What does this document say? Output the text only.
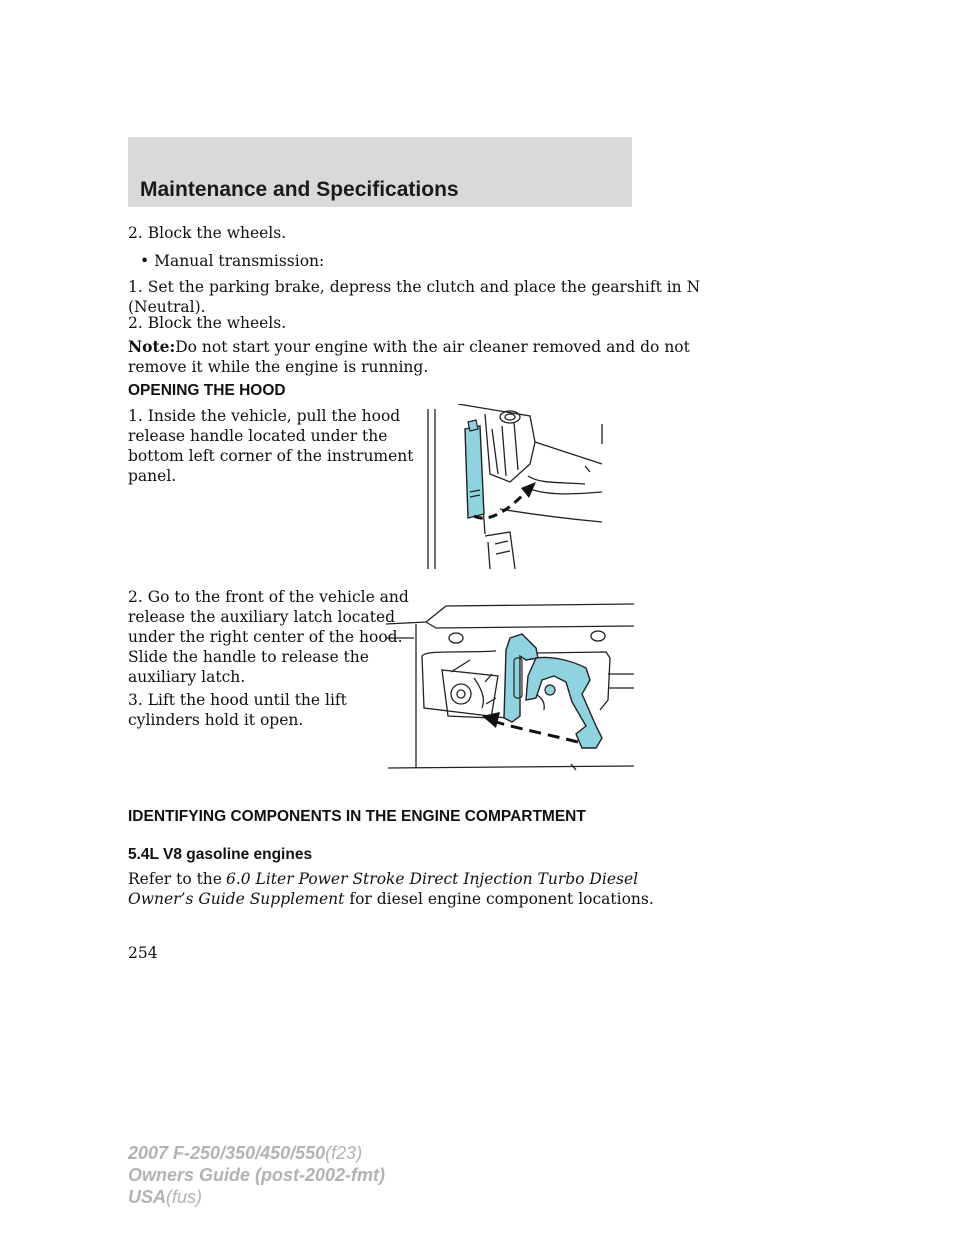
Maintenance and Specifications

2. Block the wheels.

• Manual transmission:

1. Set the parking brake, depress the clutch and place the gearshift in N
(Neutral).

2. Block the wheels.

Note:Do not start your engine with the air cleaner removed and do not
remove it while the engine is running.

OPENING THE HOOD

1. Inside the vehicle, pull the hood
release handle located under the
bottom left corner of the instrument
panel.

2. Go to the front of the vehicle and
release the auxiliary latch located
under the right center of the hood.
Slide the handle to release the
auxiliary latch.

3. Lift the hood until the lift
cylinders hold it open.

IDENTIFYING COMPONENTS IN THE ENGINE COMPARTMENT
5.4L V8 gasoline engines

Refer to the 6.0 Liter Power Stroke Direct Injection Turbo Diesel
Owner’s Guide Supplement for diesel engine component locations.

254
2007 F-250/350/450/550(f23)
Owners Guide (post-2002-fmt)
USA(fus)
